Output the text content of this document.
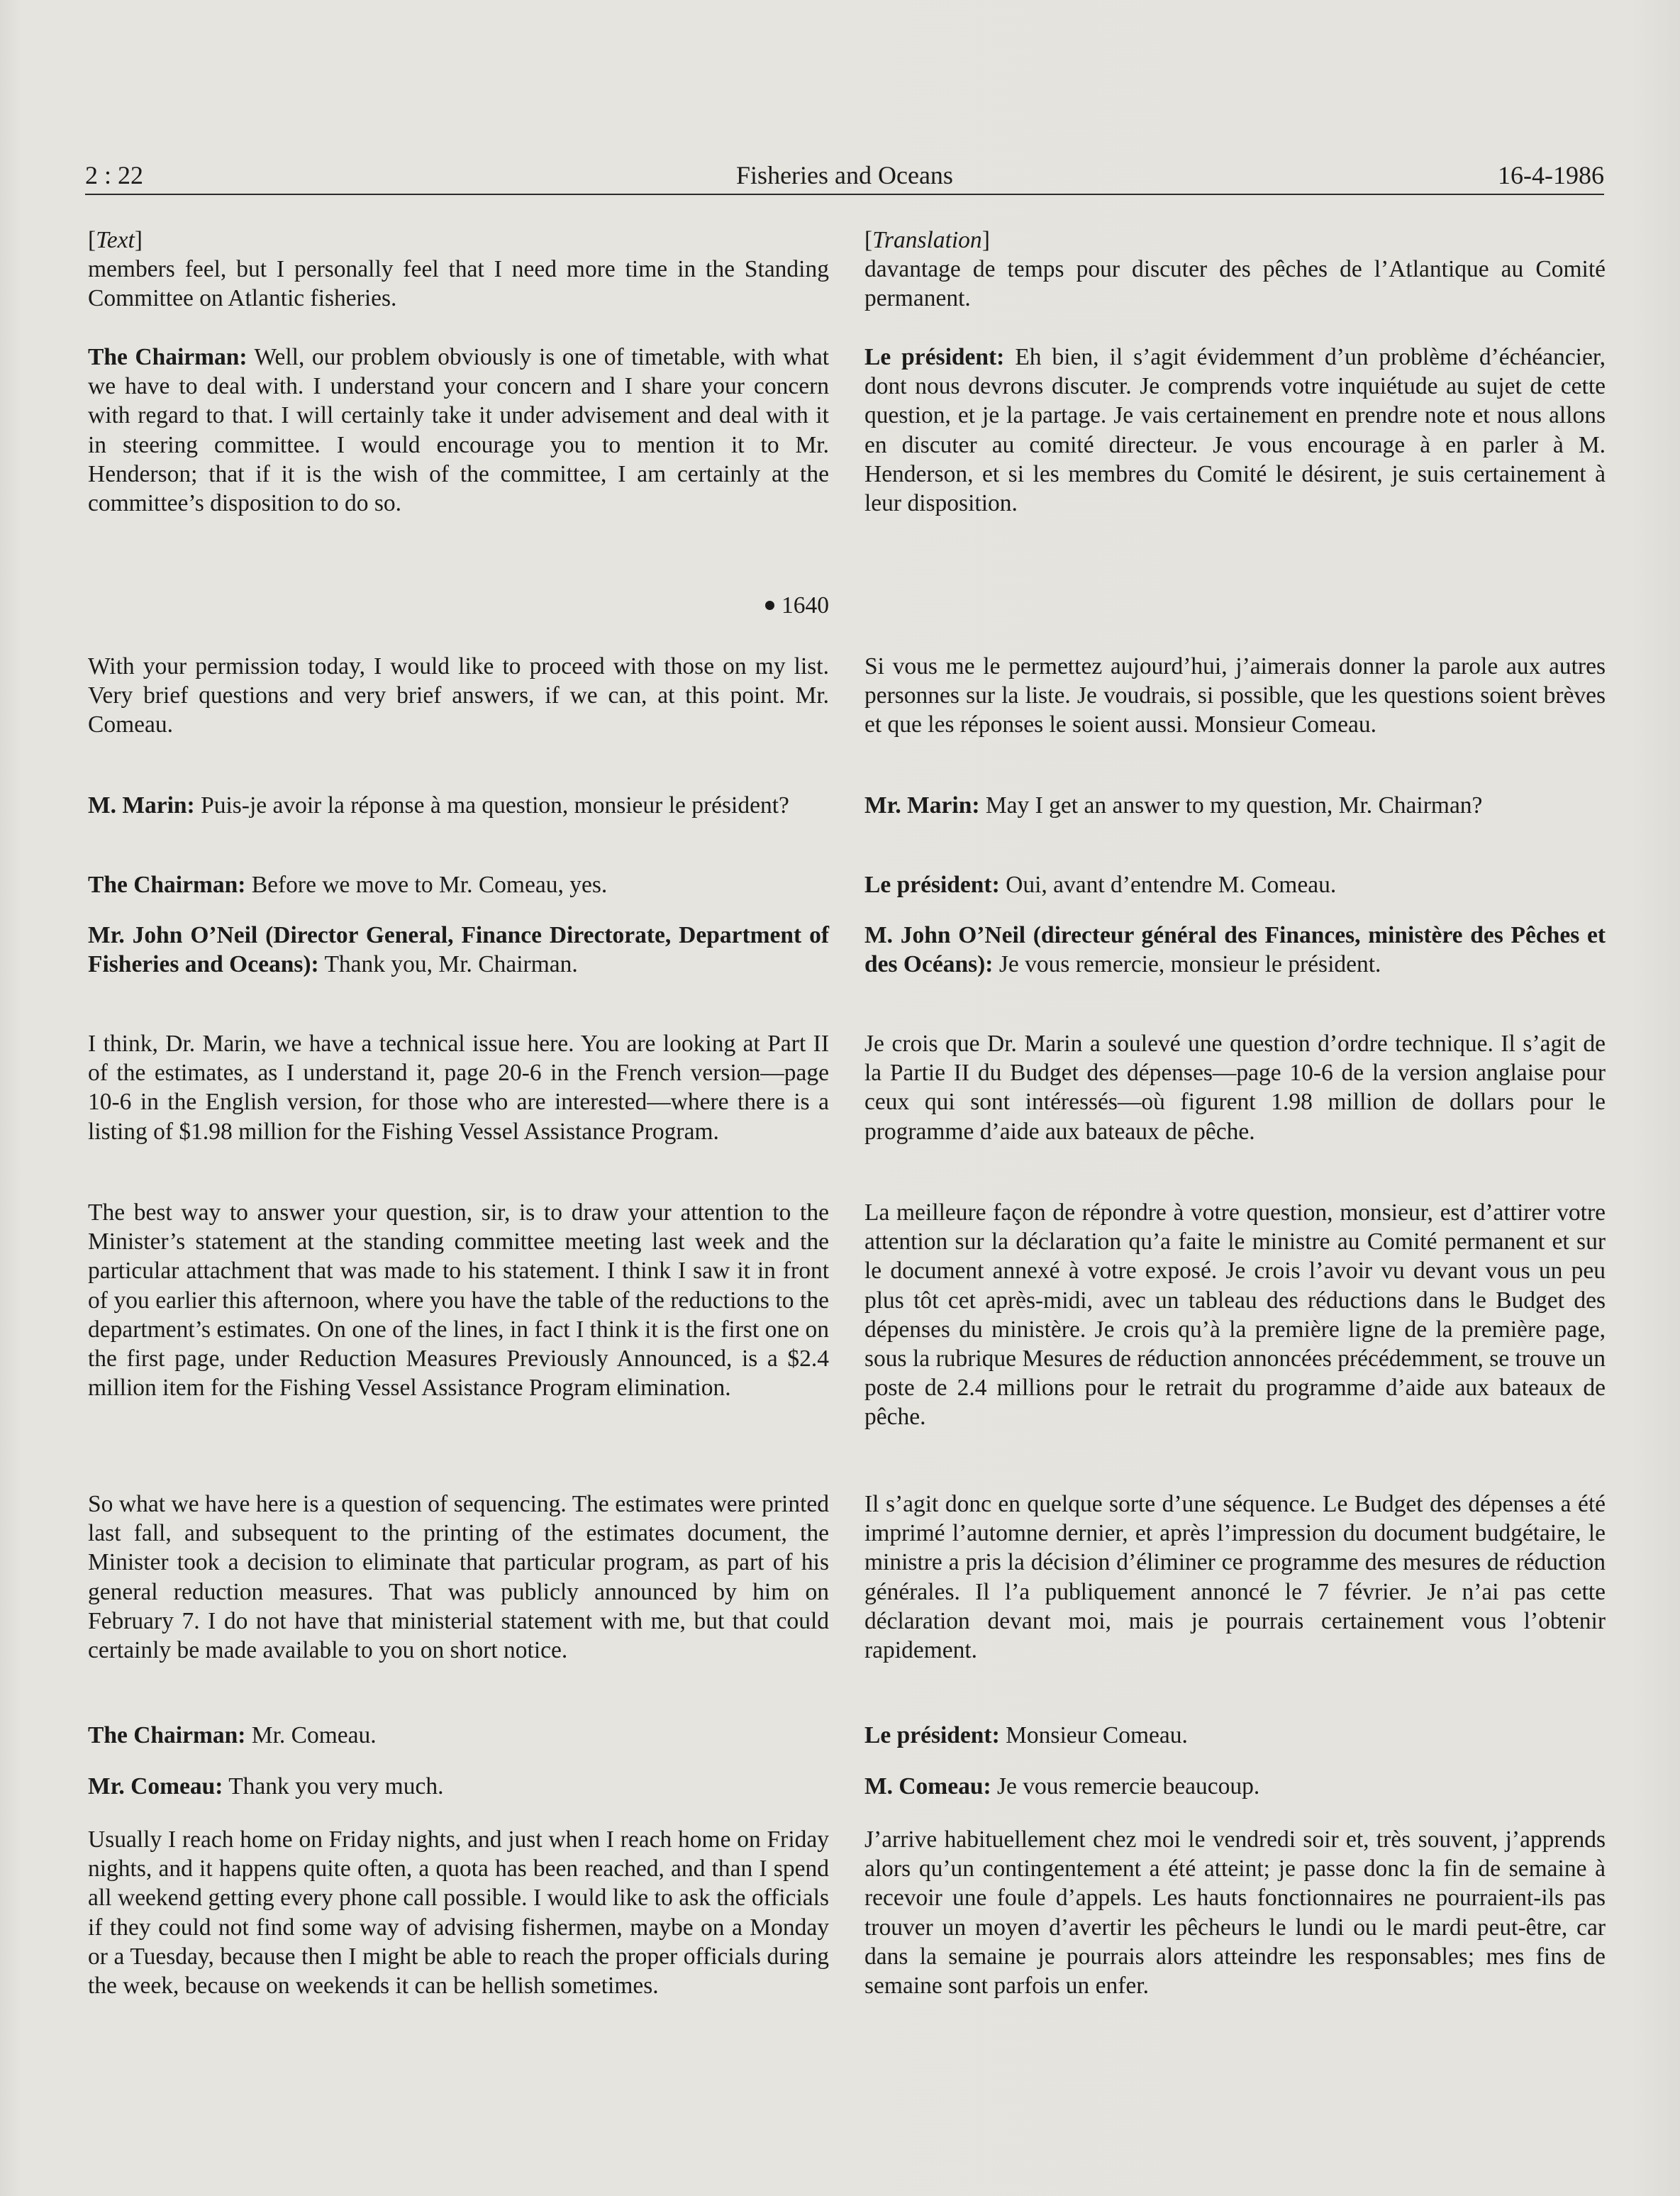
2 : 22	Fisheries and Oceans	16-4-1986
[Text]

members feel, but I personally feel that I need more time in the Standing Committee on Atlantic fisheries.

The Chairman: Well, our problem obviously is one of timetable, with what we have to deal with. I understand your concern and I share your concern with regard to that. I will certainly take it under advisement and deal with it in steering committee. I would encourage you to mention it to Mr. Henderson; that if it is the wish of the committee, I am certainly at the committee’s disposition to do so.

1640

With your permission today, I would like to proceed with those on my list. Very brief questions and very brief answers, if we can, at this point. Mr. Comeau.

M. Marin: Puis-je avoir la réponse à ma question, monsieur le président?

The Chairman: Before we move to Mr. Comeau, yes.

Mr. John O’Neil (Director General, Finance Directorate, Department of Fisheries and Oceans): Thank you, Mr. Chairman.

I think, Dr. Marin, we have a technical issue here. You are looking at Part II of the estimates, as I understand it, page 20-6 in the French version—page 10-6 in the English version, for those who are interested—where there is a listing of $1.98 million for the Fishing Vessel Assistance Program.

The best way to answer your question, sir, is to draw your attention to the Minister’s statement at the standing committee meeting last week and the particular attachment that was made to his statement. I think I saw it in front of you earlier this afternoon, where you have the table of the reductions to the department’s estimates. On one of the lines, in fact I think it is the first one on the first page, under Reduction Measures Previously Announced, is a $2.4 million item for the Fishing Vessel Assistance Program elimination.

So what we have here is a question of sequencing. The estimates were printed last fall, and subsequent to the printing of the estimates document, the Minister took a decision to eliminate that particular program, as part of his general reduction measures. That was publicly announced by him on February 7. I do not have that ministerial statement with me, but that could certainly be made available to you on short notice.

The Chairman: Mr. Comeau.

Mr. Comeau: Thank you very much.

Usually I reach home on Friday nights, and just when I reach home on Friday nights, and it happens quite often, a quota has been reached, and than I spend all weekend getting every phone call possible. I would like to ask the officials if they could not find some way of advising fishermen, maybe on a Monday or a Tuesday, because then I might be able to reach the proper officials during the week, because on weekends it can be hellish sometimes.

[Translation]

davantage de temps pour discuter des pêches de l’Atlantique au Comité permanent.

Le président: Eh bien, il s’agit évidemment d’un problème d’échéancier, dont nous devrons discuter. Je comprends votre inquiétude au sujet de cette question, et je la partage. Je vais certainement en prendre note et nous allons en discuter au comité directeur. Je vous encourage à en parler à M. Henderson, et si les membres du Comité le désirent, je suis certainement à leur disposition.

Si vous me le permettez aujourd’hui, j’aimerais donner la parole aux autres personnes sur la liste. Je voudrais, si possible, que les questions soient brèves et que les réponses le soient aussi. Monsieur Comeau.

Mr. Marin: May I get an answer to my question, Mr. Chairman?

Le président: Oui, avant d’entendre M. Comeau.

M. John O’Neil (directeur général des Finances, ministère des Pêches et des Océans): Je vous remercie, monsieur le président.

Je crois que Dr. Marin a soulevé une question d’ordre technique. Il s’agit de la Partie II du Budget des dépenses—page 10-6 de la version anglaise pour ceux qui sont intéressés—où figurent 1.98 million de dollars pour le programme d’aide aux bateaux de pêche.

La meilleure façon de répondre à votre question, monsieur, est d’attirer votre attention sur la déclaration qu’a faite le ministre au Comité permanent et sur le document annexé à votre exposé. Je crois l’avoir vu devant vous un peu plus tôt cet après-midi, avec un tableau des réductions dans le Budget des dépenses du ministère. Je crois qu’à la première ligne de la première page, sous la rubrique Mesures de réduction annoncées précédemment, se trouve un poste de 2.4 millions pour le retrait du programme d’aide aux bateaux de pêche.

Il s’agit donc en quelque sorte d’une séquence. Le Budget des dépenses a été imprimé l’automne dernier, et après l’impression du document budgétaire, le ministre a pris la décision d’éliminer ce programme des mesures de réduction générales. Il l’a publiquement annoncé le 7 février. Je n’ai pas cette déclaration devant moi, mais je pourrais certainement vous l’obtenir rapidement.

Le président: Monsieur Comeau.

M. Comeau: Je vous remercie beaucoup.

J’arrive habituellement chez moi le vendredi soir et, très souvent, j’apprends alors qu’un contingentement a été atteint; je passe donc la fin de semaine à recevoir une foule d’appels. Les hauts fonctionnaires ne pourraient-ils pas trouver un moyen d’avertir les pêcheurs le lundi ou le mardi peut-être, car dans la semaine je pourrais alors atteindre les responsables; mes fins de semaine sont parfois un enfer.
